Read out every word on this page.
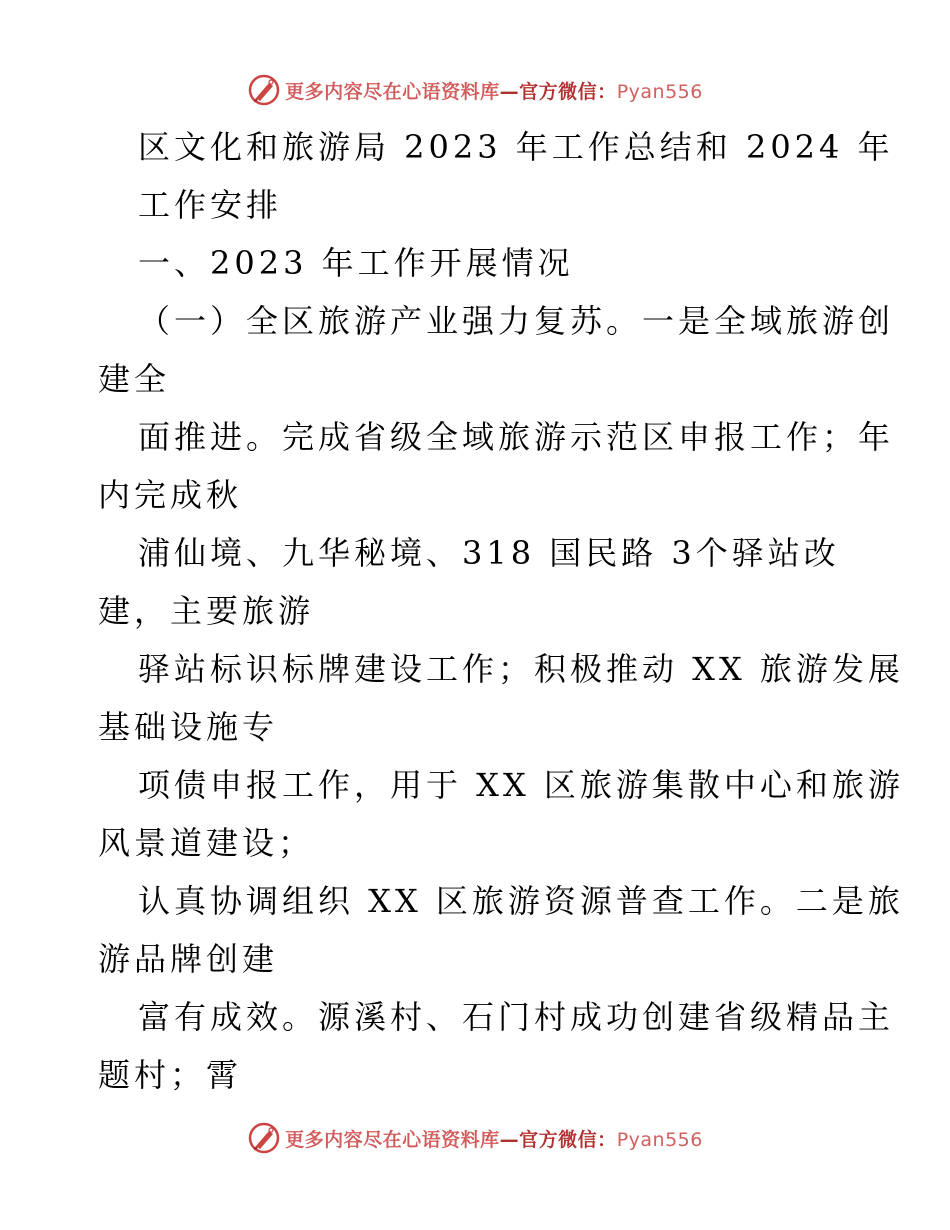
更多内容尽在心语资料库—官方微信：Pyan556
区文化和旅游局 2023 年工作总结和 2024 年
工作安排
一、2023 年工作开展情况
（一）全区旅游产业强力复苏。一是全域旅游创
建全
面推进。完成省级全域旅游示范区申报工作；年
内完成秋
浦仙境、九华秘境、318 国民路 3个驿站改
建，主要旅游
驿站标识标牌建设工作；积极推动 XX 旅游发展
基础设施专
项债申报工作，用于 XX 区旅游集散中心和旅游
风景道建设；
认真协调组织 XX 区旅游资源普查工作。二是旅
游品牌创建
富有成效。源溪村、石门村成功创建省级精品主
题村；霄
更多内容尽在心语资料库—官方微信：Pyan556
